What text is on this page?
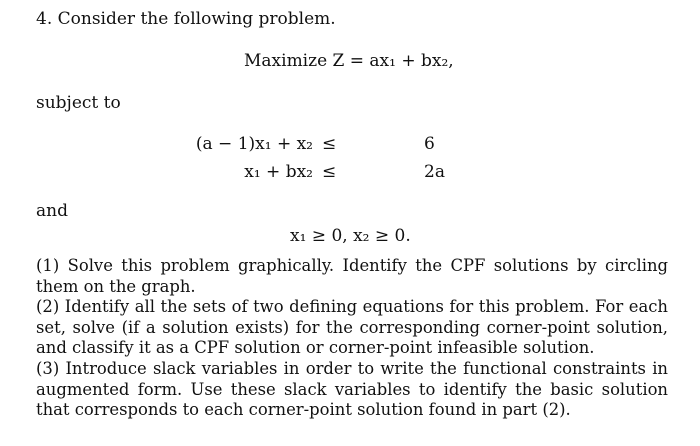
4. Consider the following problem.
Maximize Z = ax₁ + bx₂,
subject to
(a − 1)x₁ + x₂ ≤	6
x₁ + bx₂ ≤	2a
and
x₁ ≥ 0, x₂ ≥ 0.
(1) Solve this problem graphically. Identify the CPF solutions by circling them on the graph.
(2) Identify all the sets of two defining equations for this problem. For each set, solve (if a solution exists) for the corresponding corner-point solution, and classify it as a CPF solution or corner-point infeasible solution.
(3) Introduce slack variables in order to write the functional constraints in augmented form. Use these slack variables to identify the basic solution that corresponds to each corner-point solution found in part (2).
